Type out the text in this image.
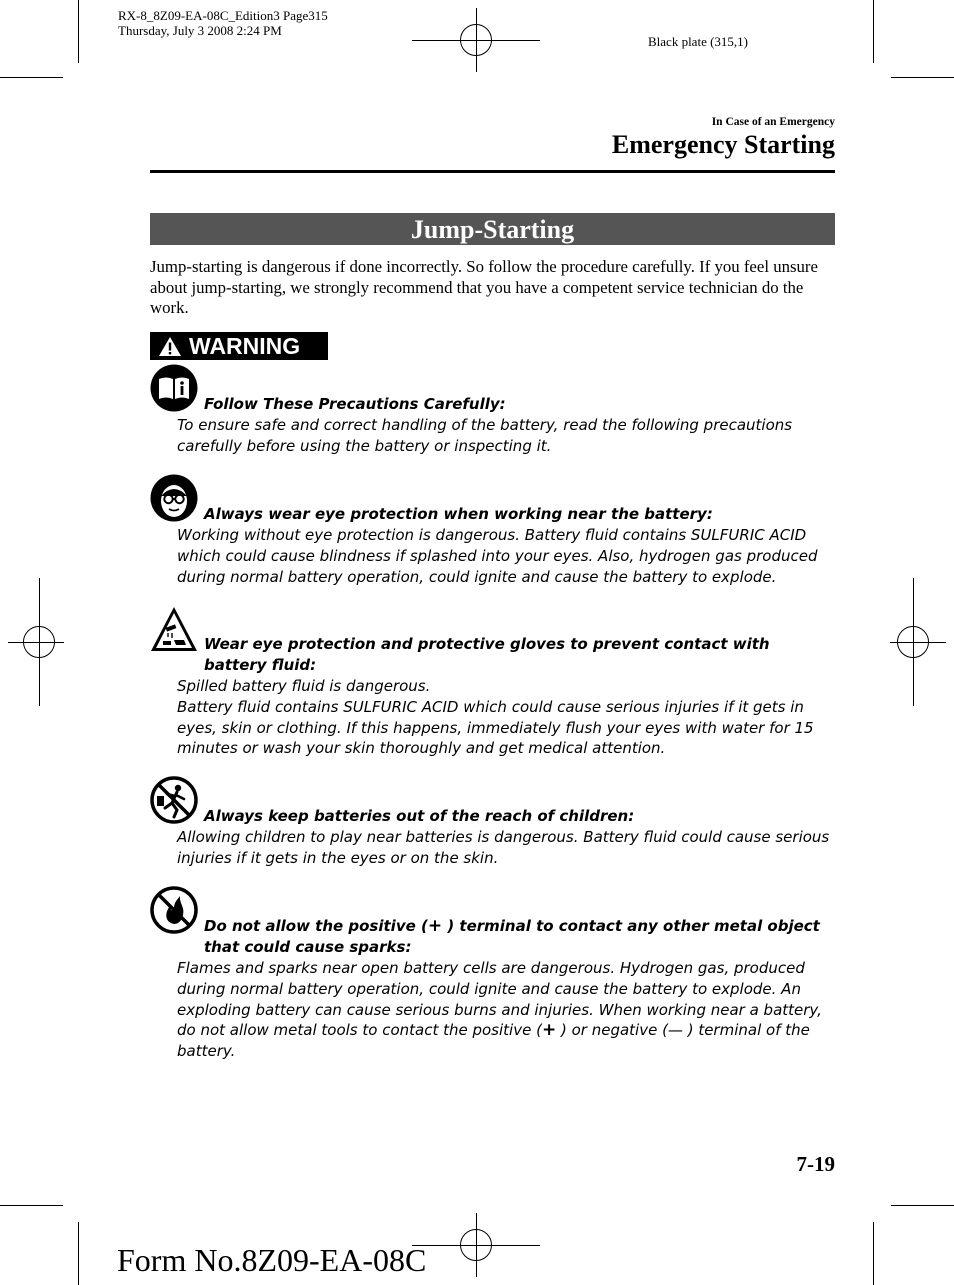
RX-8_8Z09-EA-08C_Edition3 Page315
Thursday, July 3 2008 2:24 PM
Black plate (315,1)
In Case of an Emergency
Emergency Starting
Jump-Starting
Jump-starting is dangerous if done incorrectly. So follow the procedure carefully. If you feel unsure about jump-starting, we strongly recommend that you have a competent service technician do the work.
WARNING
Follow These Precautions Carefully:

To ensure safe and correct handling of the battery, read the following precautions carefully before using the battery or inspecting it.

Always wear eye protection when working near the battery:

Working without eye protection is dangerous. Battery fluid contains SULFURIC ACID which could cause blindness if splashed into your eyes. Also, hydrogen gas produced during normal battery operation, could ignite and cause the battery to explode.

Wear eye protection and protective gloves to prevent contact with battery fluid:

Spilled battery fluid is dangerous.

Battery fluid contains SULFURIC ACID which could cause serious injuries if it gets in eyes, skin or clothing. If this happens, immediately flush your eyes with water for 15 minutes or wash your skin thoroughly and get medical attention.

Always keep batteries out of the reach of children:

Allowing children to play near batteries is dangerous. Battery fluid could cause serious injuries if it gets in the eyes or on the skin.

Do not allow the positive (+ ) terminal to contact any other metal object that could cause sparks:

Flames and sparks near open battery cells are dangerous. Hydrogen gas, produced during normal battery operation, could ignite and cause the battery to explode. An exploding battery can cause serious burns and injuries. When working near a battery, do not allow metal tools to contact the positive (+ ) or negative (— ) terminal of the battery.

7-19
Form No.8Z09-EA-08C
